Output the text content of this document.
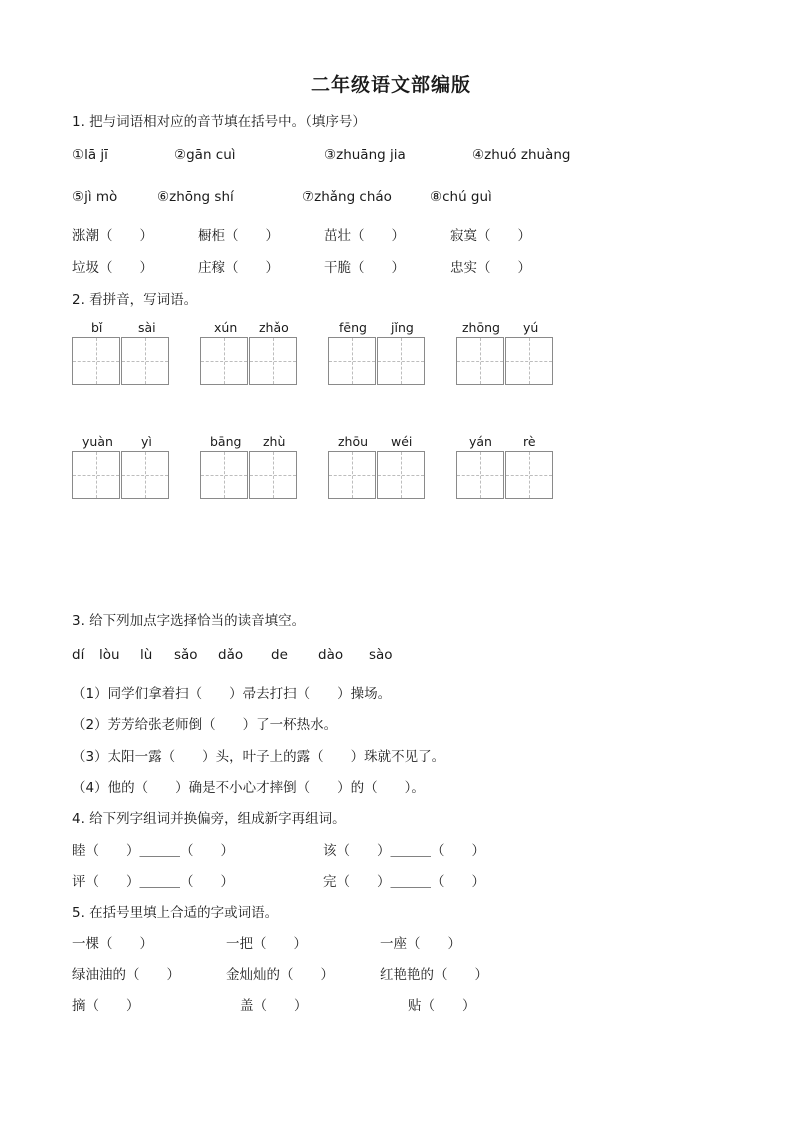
二年级语文部编版
1. 把与词语相对应的音节填在括号中。（填序号）
①lā jī	②gān cuì	③zhuāng jia	④zhuó zhuàng
⑤jì mò	⑥zhōng shí	⑦zhǎng cháo	⑧chú guì
涨潮（　　）	橱柜（　　）	茁壮（　　）	寂寞（　　）
垃圾（　　）	庄稼（　　）	干脆（　　）	忠实（　　）
2. 看拼音，写词语。
bǐ	sài	xún zhǎo	fēng jǐng	zhōng yú
yuàn yì	bāng zhù	zhōu wéi	yán rè
3. 给下列加点字选择恰当的读音填空。
dí lòu lù sǎo dǎo de dào sào
（1）同学们拿着扫（　　）帚去打扫（　　）操场。
（2）芳芳给张老师倒（　　）了一杯热水。
（3）太阳一露（　　）头，叶子上的露（　　）珠就不见了。
（4）他的（　　）确是不小心才摔倒（　　）的（　　）。
4. 给下列字组词并换偏旁，组成新字再组词。
睦（　　）＿＿＿（　　）	该（　　）＿＿＿（　　）
评（　　）＿＿＿（　　）	完（　　）＿＿＿（　　）
5. 在括号里填上合适的字或词语。
一棵（　　）	一把（　　）	一座（　　）
绿油油的（　　）	金灿灿的（　　）	红艳艳的（　　）
摘（　　）	盖（　　）	贴（　　）
